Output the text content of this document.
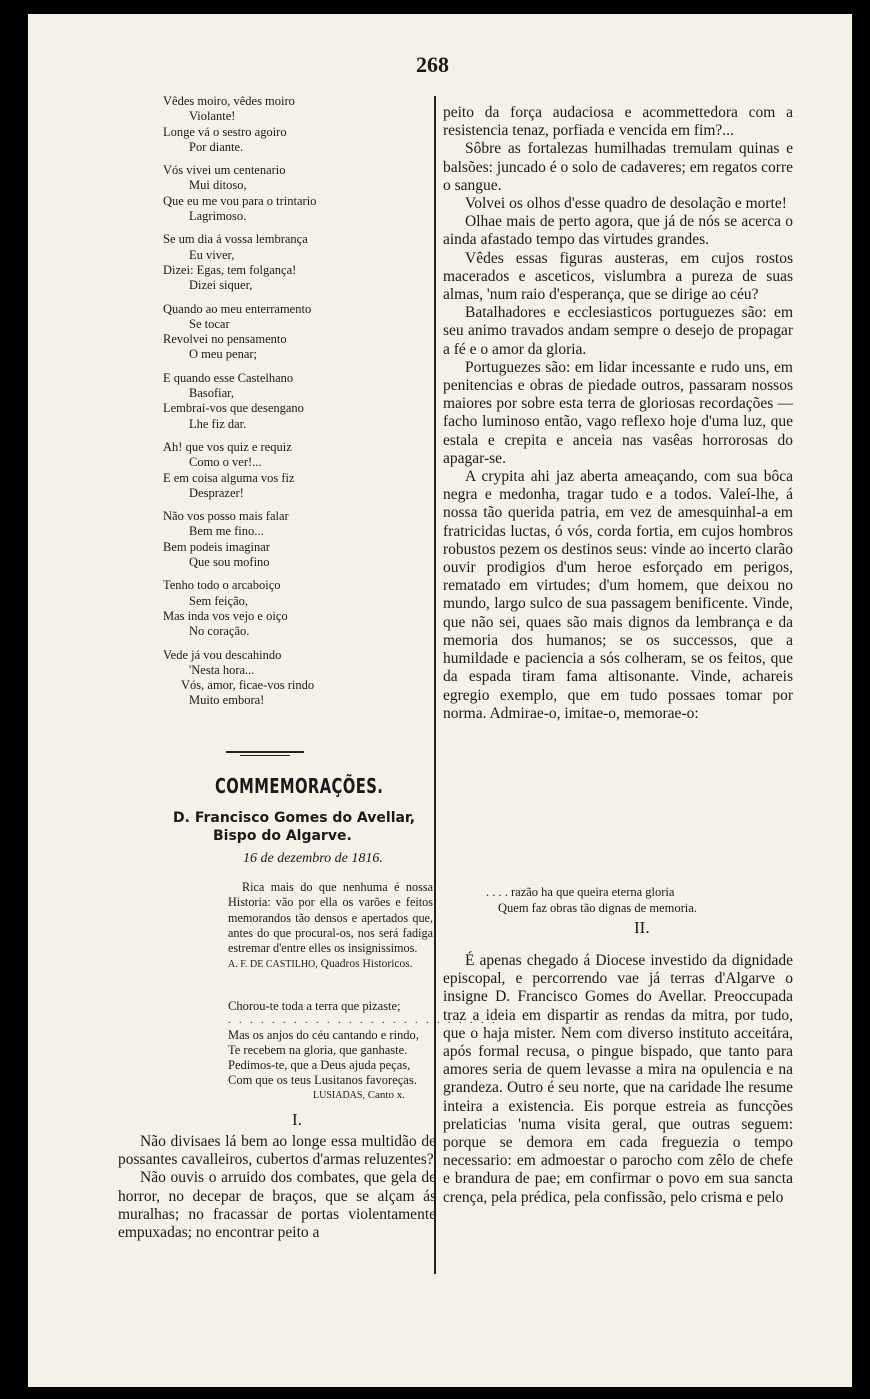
268
Vêdes moiro, vêdes moiro
Violante!
Longe vá o sestro agoiro
Por diante.
Vós vivei um centenario
Mui ditoso,
Que eu me vou para o trintario
Lagrimoso.
Se um dia á vossa lembrança
Eu viver,
Dizei: Egas, tem folgança!
Dizei siquer,
Quando ao meu enterramento
Se tocar
Revolvei no pensamento
O meu penar;
E quando esse Castelhano
Basofiar,
Lembrai-vos que desengano
Lhe fiz dar.
Ah! que vos quiz e requiz
Como o ver!...
E em coisa alguma vos fiz
Desprazer!
Não vos posso mais falar
Bem me fino...
Bem podeis imaginar
Que sou mofino
Tenho todo o arcaboiço
Sem feição,
Mas inda vos vejo e oiço
No coração.
Vede já vou descahindo
'Nesta hora...
Vós, amor, ficae-vos rindo
Muito embora!
COMMEMORAÇÕES.
D. Francisco Gomes do Avellar,
Bispo do Algarve.
16 de dezembro de 1816.

Rica mais do que nenhuma é nossa Historia: vão por ella os varões e feitos memorandos tão densos e apertados que, antes do que procural-os, nos será fadiga estremar d'entre elles os insignissimos.

A. F. DE CASTILHO, Quadros Historicos.
Chorou-te toda a terra que pizaste;
. . . . . . . . . . . . . . . . . . . . . . . . .
Mas os anjos do céu cantando e rindo,
Te recebem na gloria, que ganhaste.
Pedimos-te, que a Deus ajuda peças,
Com que os teus Lusitanos favoreças.
LUSIADAS, Canto x.
I.

Não divisaes lá bem ao longe essa multidão de possantes cavalleiros, cubertos d'armas reluzentes?

Não ouvis o arruido dos combates, que gela de horror, no decepar de braços, que se alçam ás muralhas; no fracassar de portas violentamente empuxadas; no encontrar peito a

peito da força audaciosa e acommettedora com a resistencia tenaz, porfiada e vencida em fim?...

Sôbre as fortalezas humilhadas tremulam quinas e balsões: juncado é o solo de cadaveres; em regatos corre o sangue.

Volvei os olhos d'esse quadro de desolação e morte!

Olhae mais de perto agora, que já de nós se acerca o ainda afastado tempo das virtudes grandes.

Vêdes essas figuras austeras, em cujos rostos macerados e asceticos, vislumbra a pureza de suas almas, 'num raio d'esperança, que se dirige ao céu?

Batalhadores e ecclesiasticos portuguezes são: em seu animo travados andam sempre o desejo de propagar a fé e o amor da gloria.

Portuguezes são: em lidar incessante e rudo uns, em penitencias e obras de piedade outros, passaram nossos maiores por sobre esta terra de gloriosas recordações — facho luminoso então, vago reflexo hoje d'uma luz, que estala e crepita e anceia nas vasêas horrorosas do apagar-se.

A crypita ahi jaz aberta ameaçando, com sua bôca negra e medonha, tragar tudo e a todos. Valeí-lhe, á nossa tão querida patria, em vez de amesquinhal-a em fratricidas luctas, ó vós, corda fortia, em cujos hombros robustos pezem os destinos seus: vinde ao incerto clarão ouvir prodigios d'um heroe esforçado em perigos, rematado em virtudes; d'um homem, que deixou no mundo, largo sulco de sua passagem benificente. Vinde, que não sei, quaes são mais dignos da lembrança e da memoria dos humanos; se os successos, que a humildade e paciencia a sós colheram, se os feitos, que da espada tiram fama altisonante. Vinde, achareis egregio exemplo, que em tudo possaes tomar por norma. Admirae-o, imitae-o, memorae-o:

. . . . razão ha que queira eterna gloria
Quem faz obras tão dignas de memoria.
II.

É apenas chegado á Diocese investido da dignidade episcopal, e percorrendo vae já terras d'Algarve o insigne D. Francisco Gomes do Avellar. Preoccupada traz a ideia em dispartir as rendas da mitra, por tudo, que o haja mister. Nem com diverso instituto acceitára, após formal recusa, o pingue bispado, que tanto para amores seria de quem levasse a mira na opulencia e na grandeza. Outro é seu norte, que na caridade lhe resume inteira a existencia. Eis porque estreia as funcções prelaticias 'numa visita geral, que outras seguem: porque se demora em cada freguezia o tempo necessario: em admoestar o parocho com zêlo de chefe e brandura de pae; em confirmar o povo em sua sancta crença, pela prédica, pela confissão, pelo crisma e pelo
